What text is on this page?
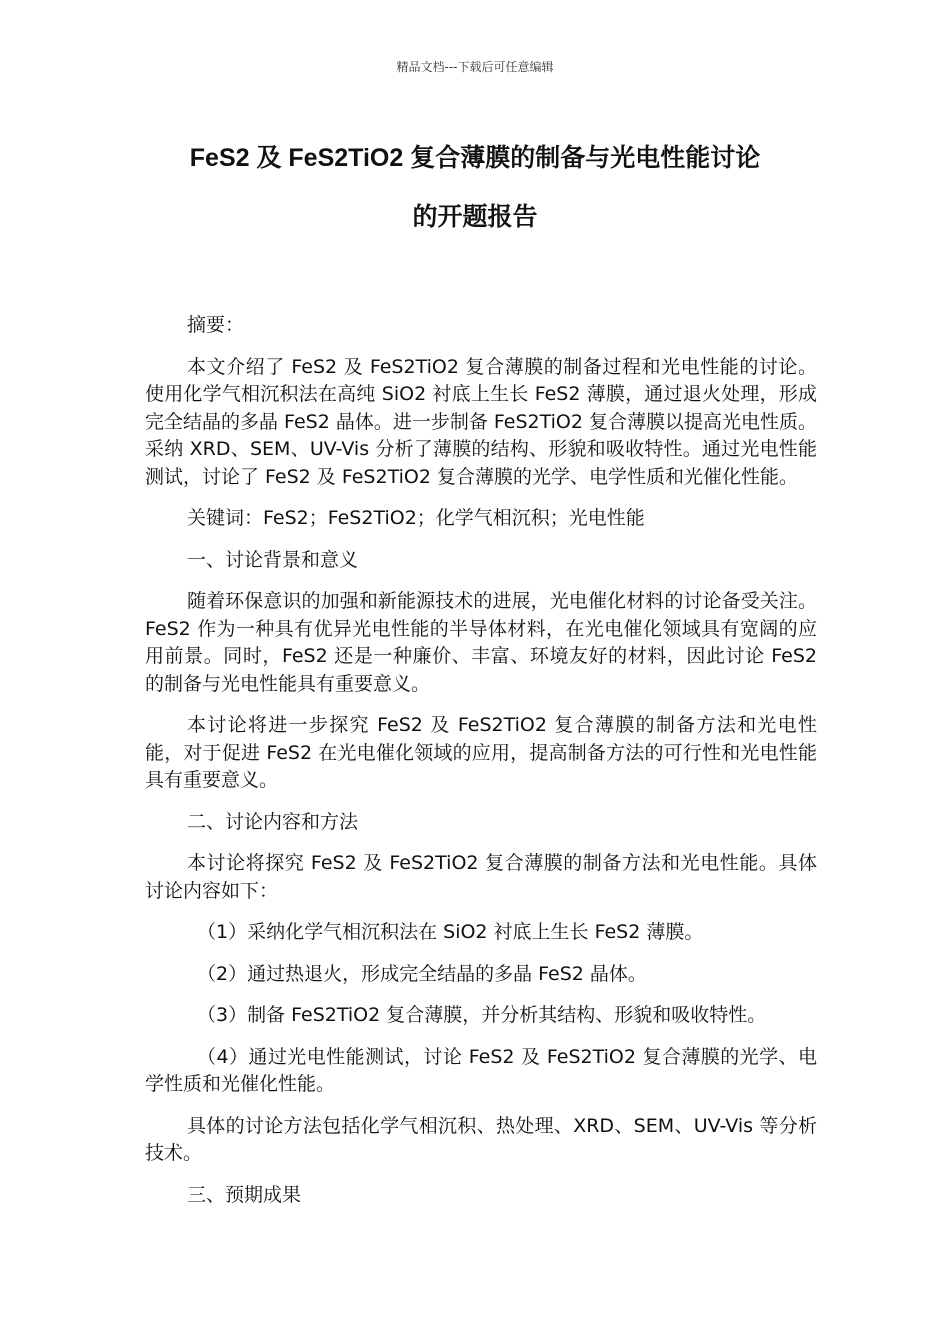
精品文档---下载后可任意编辑
FeS2 及 FeS2TiO2 复合薄膜的制备与光电性能讨论
的开题报告

摘要：

本文介绍了 FeS2 及 FeS2TiO2 复合薄膜的制备过程和光电性能的讨论。使用化学气相沉积法在高纯 SiO2 衬底上生长 FeS2 薄膜，通过退火处理，形成完全结晶的多晶 FeS2 晶体。进一步制备 FeS2TiO2 复合薄膜以提高光电性质。采纳 XRD、SEM、UV-Vis 分析了薄膜的结构、形貌和吸收特性。通过光电性能测试，讨论了 FeS2 及 FeS2TiO2 复合薄膜的光学、电学性质和光催化性能。

关键词：FeS2；FeS2TiO2；化学气相沉积；光电性能

一、讨论背景和意义

随着环保意识的加强和新能源技术的进展，光电催化材料的讨论备受关注。FeS2 作为一种具有优异光电性能的半导体材料，在光电催化领域具有宽阔的应用前景。同时，FeS2 还是一种廉价、丰富、环境友好的材料，因此讨论 FeS2 的制备与光电性能具有重要意义。

本讨论将进一步探究 FeS2 及 FeS2TiO2 复合薄膜的制备方法和光电性能，对于促进 FeS2 在光电催化领域的应用，提高制备方法的可行性和光电性能具有重要意义。

二、讨论内容和方法

本讨论将探究 FeS2 及 FeS2TiO2 复合薄膜的制备方法和光电性能。具体讨论内容如下：

（1）采纳化学气相沉积法在 SiO2 衬底上生长 FeS2 薄膜。

（2）通过热退火，形成完全结晶的多晶 FeS2 晶体。

（3）制备 FeS2TiO2 复合薄膜，并分析其结构、形貌和吸收特性。

（4）通过光电性能测试，讨论 FeS2 及 FeS2TiO2 复合薄膜的光学、电学性质和光催化性能。

具体的讨论方法包括化学气相沉积、热处理、XRD、SEM、UV-Vis 等分析技术。

三、预期成果
